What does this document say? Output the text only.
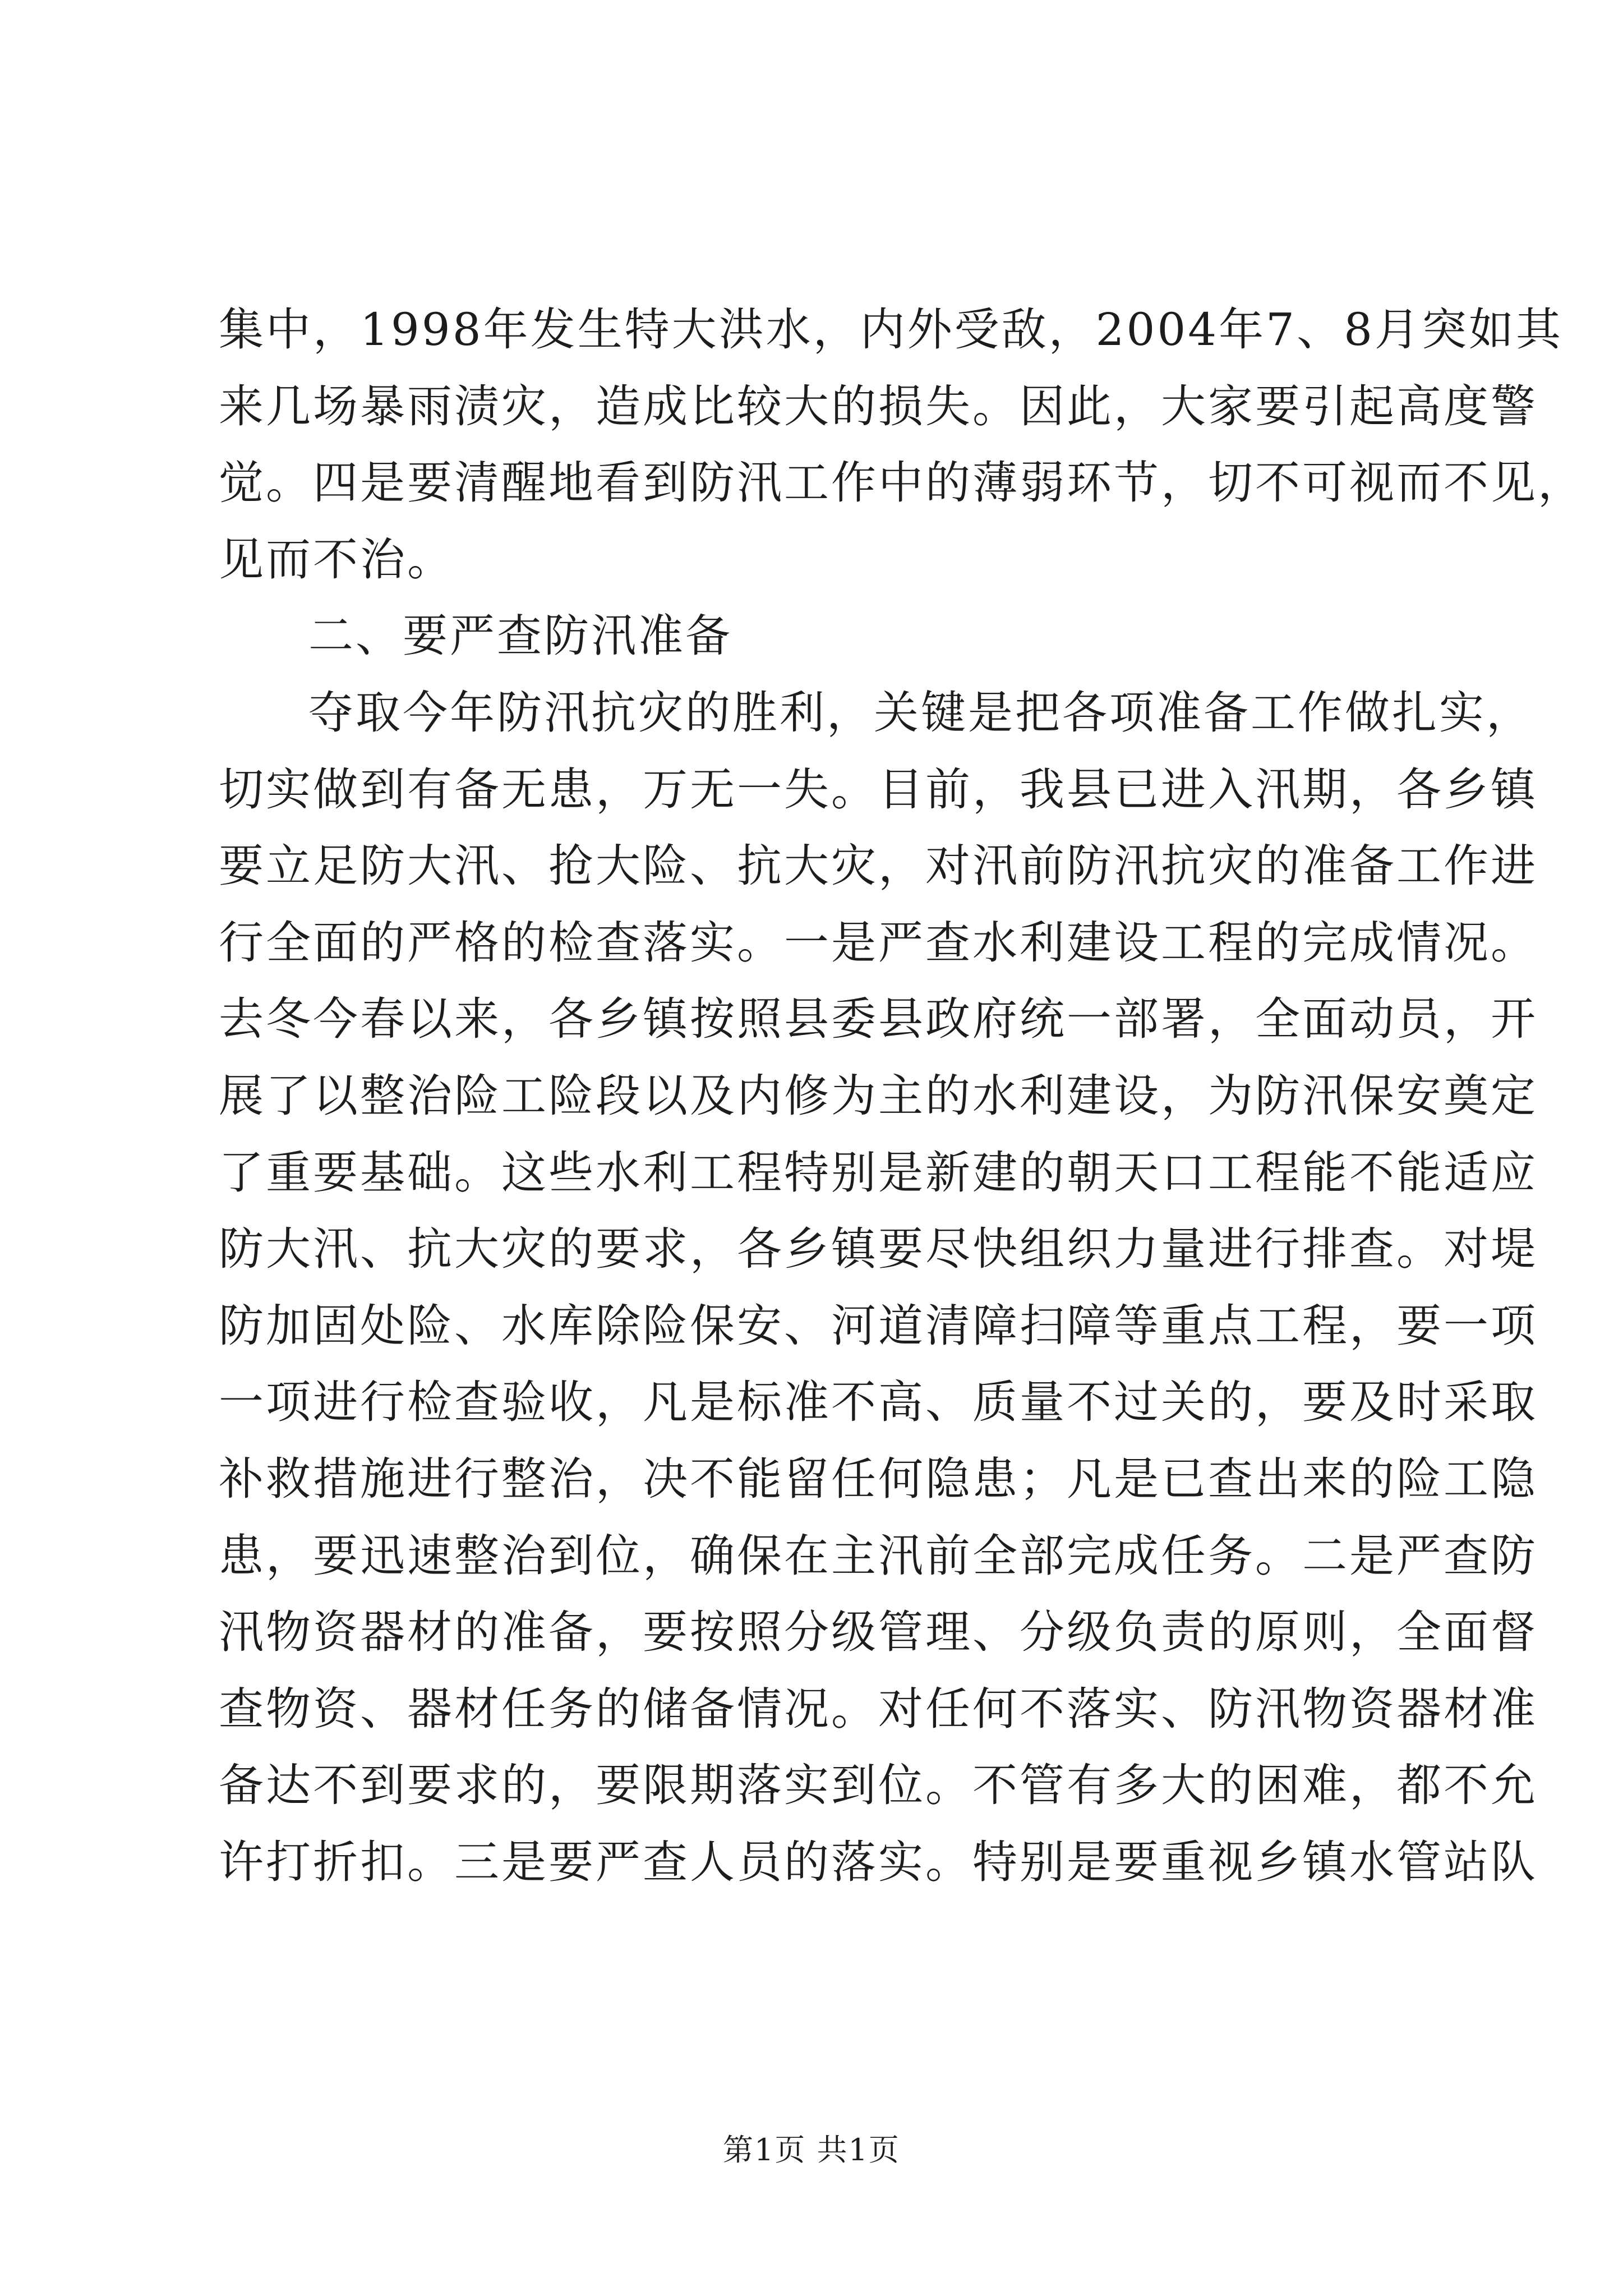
集中，1998年发生特大洪水，内外受敌，2004年7、8月突如其
来几场暴雨渍灾，造成比较大的损失。因此，大家要引起高度警
觉。四是要清醒地看到防汛工作中的薄弱环节，切不可视而不见，
见而不治。
二、要严查防汛准备
夺取今年防汛抗灾的胜利，关键是把各项准备工作做扎实，
切实做到有备无患，万无一失。目前，我县已进入汛期，各乡镇
要立足防大汛、抢大险、抗大灾，对汛前防汛抗灾的准备工作进
行全面的严格的检查落实。一是严查水利建设工程的完成情况。
去冬今春以来，各乡镇按照县委县政府统一部署，全面动员，开
展了以整治险工险段以及内修为主的水利建设，为防汛保安奠定
了重要基础。这些水利工程特别是新建的朝天口工程能不能适应
防大汛、抗大灾的要求，各乡镇要尽快组织力量进行排查。对堤
防加固处险、水库除险保安、河道清障扫障等重点工程，要一项
一项进行检查验收，凡是标准不高、质量不过关的，要及时采取
补救措施进行整治，决不能留任何隐患；凡是已查出来的险工隐
患，要迅速整治到位，确保在主汛前全部完成任务。二是严查防
汛物资器材的准备，要按照分级管理、分级负责的原则，全面督
查物资、器材任务的储备情况。对任何不落实、防汛物资器材准
备达不到要求的，要限期落实到位。不管有多大的困难，都不允
许打折扣。三是要严查人员的落实。特别是要重视乡镇水管站队
第1页 共1页
